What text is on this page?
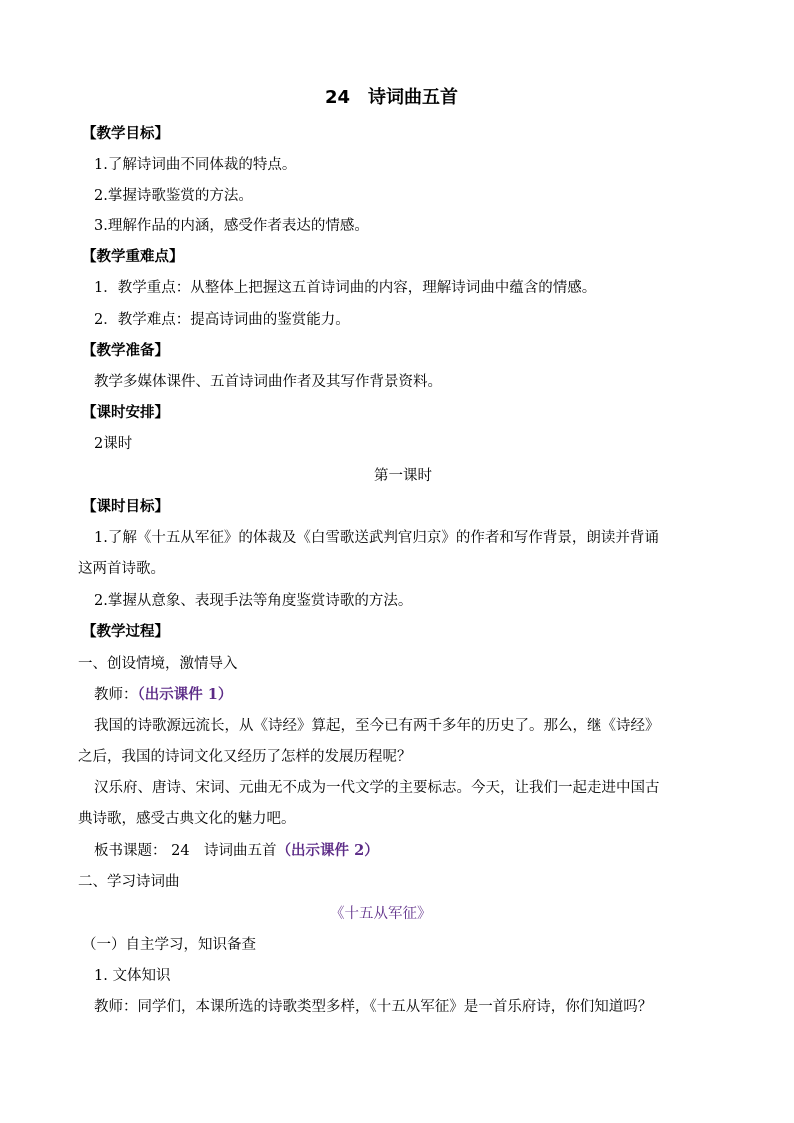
24　诗词曲五首
【教学目标】
1.了解诗词曲不同体裁的特点。
2.掌握诗歌鉴赏的方法。
3.理解作品的内涵，感受作者表达的情感。
【教学重难点】
1．教学重点：从整体上把握这五首诗词曲的内容，理解诗词曲中蕴含的情感。
2．教学难点：提高诗词曲的鉴赏能力。
【教学准备】
教学多媒体课件、五首诗词曲作者及其写作背景资料。
【课时安排】
2课时
第一课时
【课时目标】
1.了解《十五从军征》的体裁及《白雪歌送武判官归京》的作者和写作背景，朗读并背诵
这两首诗歌。
2.掌握从意象、表现手法等角度鉴赏诗歌的方法。
【教学过程】
一、创设情境，激情导入
教师：（出示课件 1）
我国的诗歌源远流长，从《诗经》算起，至今已有两千多年的历史了。那么，继《诗经》
之后，我国的诗词文化又经历了怎样的发展历程呢？
汉乐府、唐诗、宋词、元曲无不成为一代文学的主要标志。今天，让我们一起走进中国古
典诗歌，感受古典文化的魅力吧。
板书课题： 24　诗词曲五首（出示课件 2）
二、学习诗词曲
《十五从军征》
（一）自主学习，知识备查
1. 文体知识
教师：同学们，本课所选的诗歌类型多样，《十五从军征》是一首乐府诗，你们知道吗？
